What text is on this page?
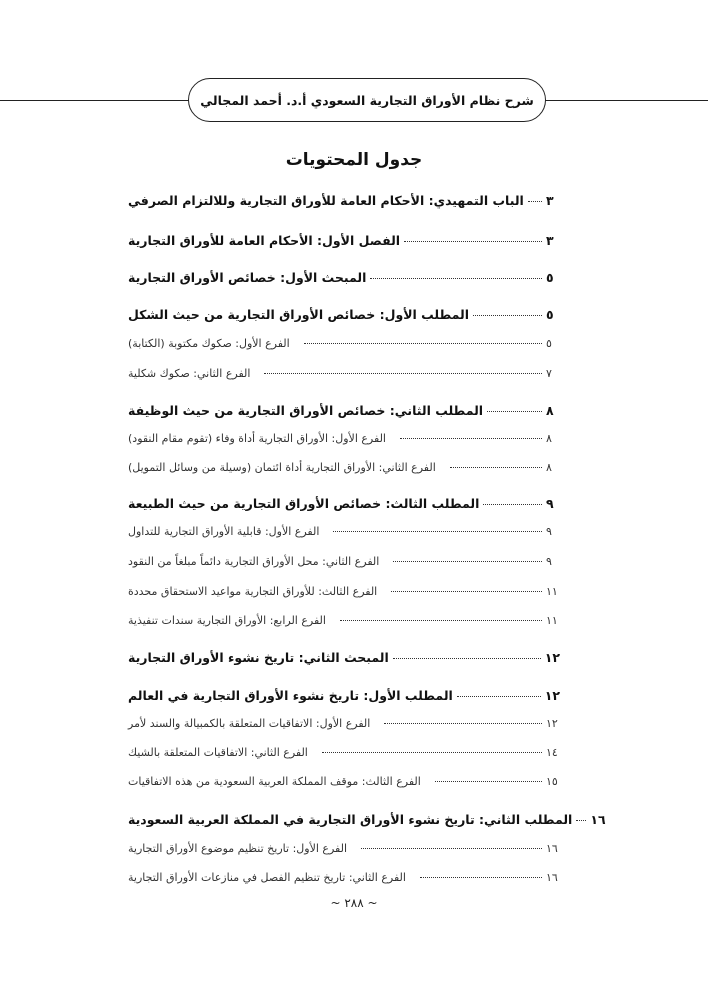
شرح نظام الأوراق التجارية السعودي أ.د. أحمد المجالي
جدول المحتويات
الباب التمهيدي: الأحكام العامة للأوراق التجارية وللالتزام الصرفي ٣
الفصل الأول: الأحكام العامة للأوراق التجارية	٣
المبحث الأول: خصائص الأوراق التجارية	٥
المطلب الأول: خصائص الأوراق التجارية من حيث الشكل	٥
الفرع الأول: صكوك مكتوبة (الكتابة)	٥
الفرع الثاني: صكوك شكلية	٧
المطلب الثاني: خصائص الأوراق التجارية من حيث الوظيفة	٨
الفرع الأول: الأوراق التجارية أداة وفاء (تقوم مقام النقود)	٨
الفرع الثاني: الأوراق التجارية أداة ائتمان (وسيلة من وسائل التمويل)	٨
المطلب الثالث: خصائص الأوراق التجارية من حيث الطبيعة	٩
الفرع الأول: قابلية الأوراق التجارية للتداول	٩
الفرع الثاني: محل الأوراق التجارية دائماً مبلغاً من النقود	٩
الفرع الثالث: للأوراق التجارية مواعيد الاستحقاق محددة	١١
الفرع الرابع: الأوراق التجارية سندات تنفيذية	١١
المبحث الثاني: تاريخ نشوء الأوراق التجارية	١٢
المطلب الأول: تاريخ نشوء الأوراق التجارية في العالم	١٢
الفرع الأول: الاتفاقيات المتعلقة بالكمبيالة والسند لأمر	١٢
الفرع الثاني: الاتفاقيات المتعلقة بالشيك	١٤
الفرع الثالث: موقف المملكة العربية السعودية من هذه الاتفاقيات	١٥
المطلب الثاني: تاريخ نشوء الأوراق التجارية في المملكة العربية السعودية ١٦
الفرع الأول: تاريخ تنظيم موضوع الأوراق التجارية	١٦
الفرع الثاني: تاريخ تنظيم الفصل في منازعات الأوراق التجارية	١٦
~ ٢٨٨ ~
